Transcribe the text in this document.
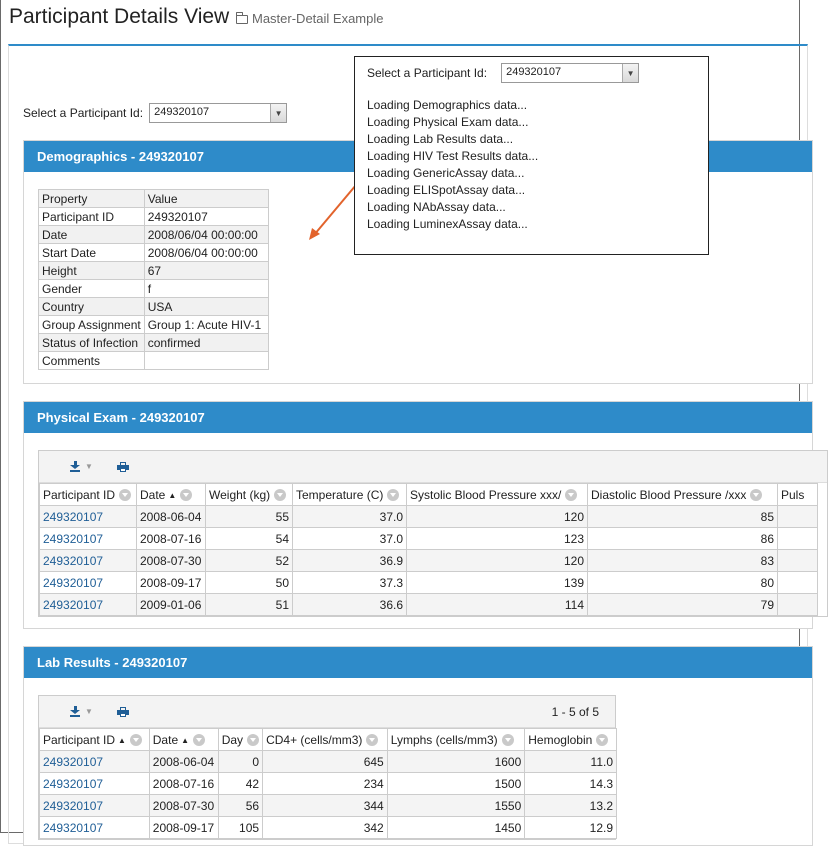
Participant Details View Master-Detail Example
Select a Participant Id:	249320107	▼
Demographics - 249320107
Property	Value
Participant ID	249320107
Date	2008/06/04 00:00:00
Start Date	2008/06/04 00:00:00
Height	67
Gender	f
Country	USA
Group Assignment	Group 1: Acute HIV-1
Status of Infection	confirmed
Comments	
Physical Exam - 249320107
▼
Participant ID	Date ▲	Weight (kg)	Temperature (C)	Systolic Blood Pressure xxx/	Diastolic Blood Pressure /xxx	Puls
249320107	2008-06-04	55	37.0	120	85	
249320107	2008-07-16	54	37.0	123	86	
249320107	2008-07-30	52	36.9	120	83	
249320107	2008-09-17	50	37.3	139	80	
249320107	2009-01-06	51	36.6	114	79	
Lab Results - 249320107
▼	1 - 5 of 5
Participant ID ▲	Date ▲	Day	CD4+ (cells/mm3)	Lymphs (cells/mm3)	Hemoglobin
249320107	2008-06-04	0	645	1600	11.0
249320107	2008-07-16	42	234	1500	14.3
249320107	2008-07-30	56	344	1550	13.2
249320107	2008-09-17	105	342	1450	12.9
Select a Participant Id:	249320107	▼
Loading Demographics data...
Loading Physical Exam data...
Loading Lab Results data...
Loading HIV Test Results data...
Loading GenericAssay data...
Loading ELISpotAssay data...
Loading NAbAssay data...
Loading LuminexAssay data...
